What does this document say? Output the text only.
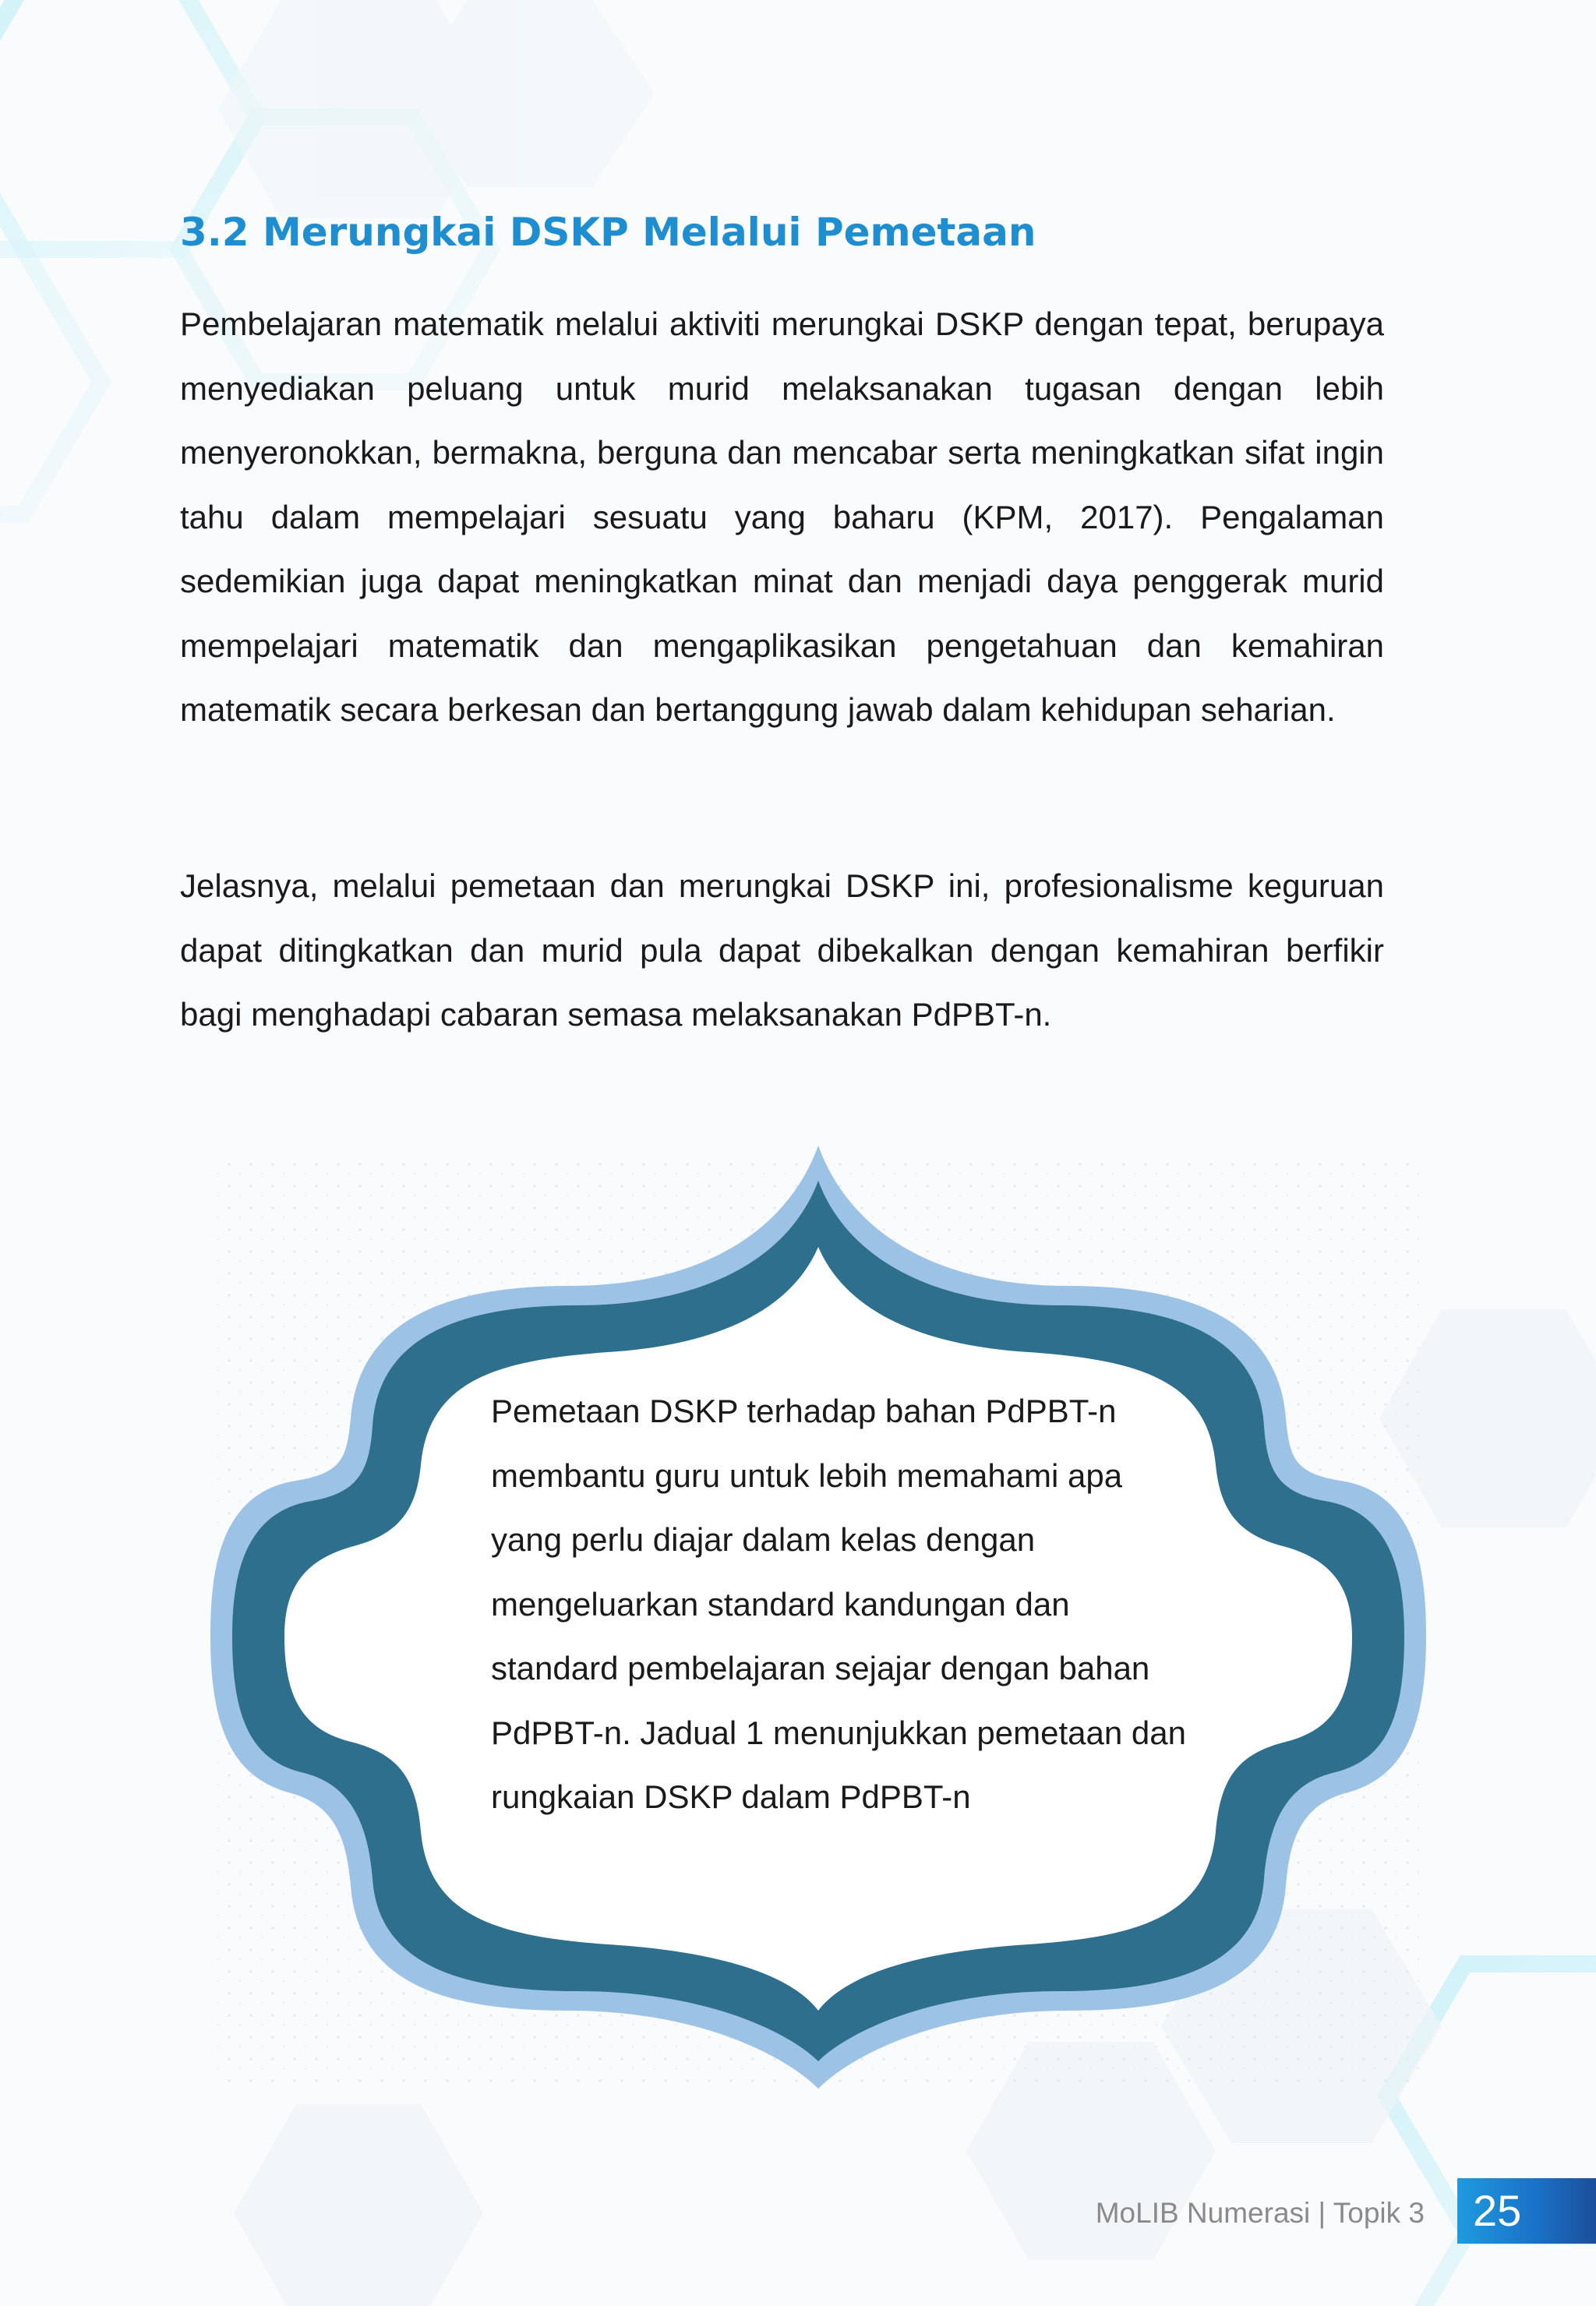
3.2 Merungkai DSKP Melalui Pemetaan

Pembelajaran matematik melalui aktiviti merungkai DSKP dengan tepat, berupaya menyediakan peluang untuk murid melaksanakan tugasan dengan lebih menyeronokkan, bermakna, berguna dan mencabar serta meningkatkan sifat ingin tahu dalam mempelajari sesuatu yang baharu (KPM, 2017). Pengalaman sedemikian juga dapat meningkatkan minat dan menjadi daya penggerak murid mempelajari matematik dan mengaplikasikan pengetahuan dan kemahiran matematik secara berkesan dan bertanggung jawab dalam kehidupan seharian.

Jelasnya, melalui pemetaan dan merungkai DSKP ini, profesionalisme keguruan dapat ditingkatkan dan murid pula dapat dibekalkan dengan kemahiran berfikir bagi menghadapi cabaran semasa melaksanakan PdPBT-n.

Pemetaan DSKP terhadap bahan PdPBT-n
membantu guru untuk lebih memahami apa
yang perlu diajar dalam kelas dengan
mengeluarkan standard kandungan dan
standard pembelajaran sejajar dengan bahan
PdPBT-n. Jadual 1 menunjukkan pemetaan dan
rungkaian DSKP dalam PdPBT-n

MoLIB Numerasi | Topik 3	25
